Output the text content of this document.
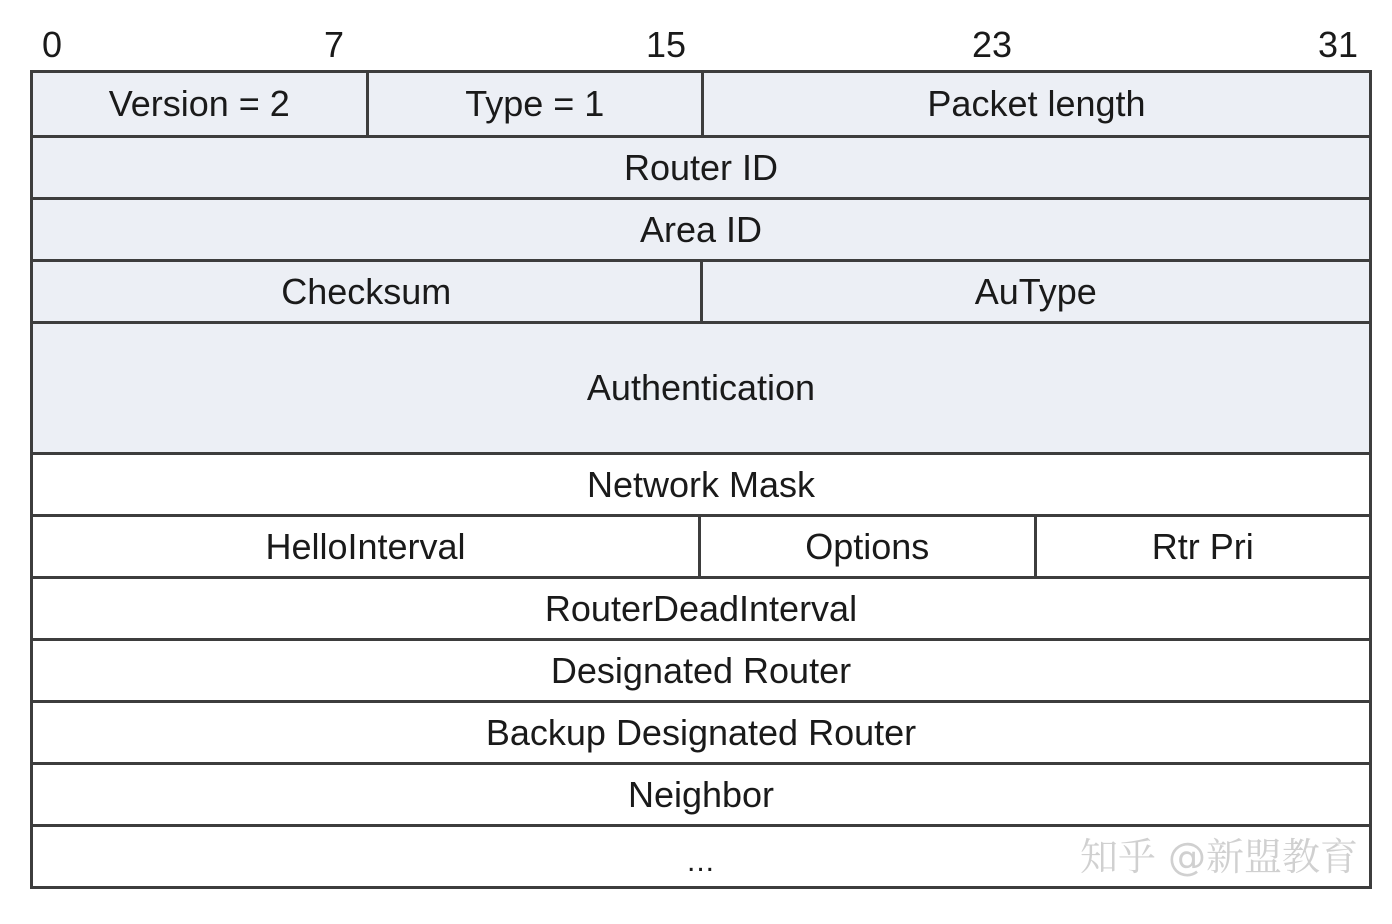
0	7	15	23	31
Version = 2	Type = 1	Packet length
Router ID
Area ID
Checksum	AuType
Authentication
Network Mask
HelloInterval	Options	Rtr Pri
RouterDeadInterval
Designated Router
Backup Designated Router
Neighbor
...	知乎 @新盟教育
